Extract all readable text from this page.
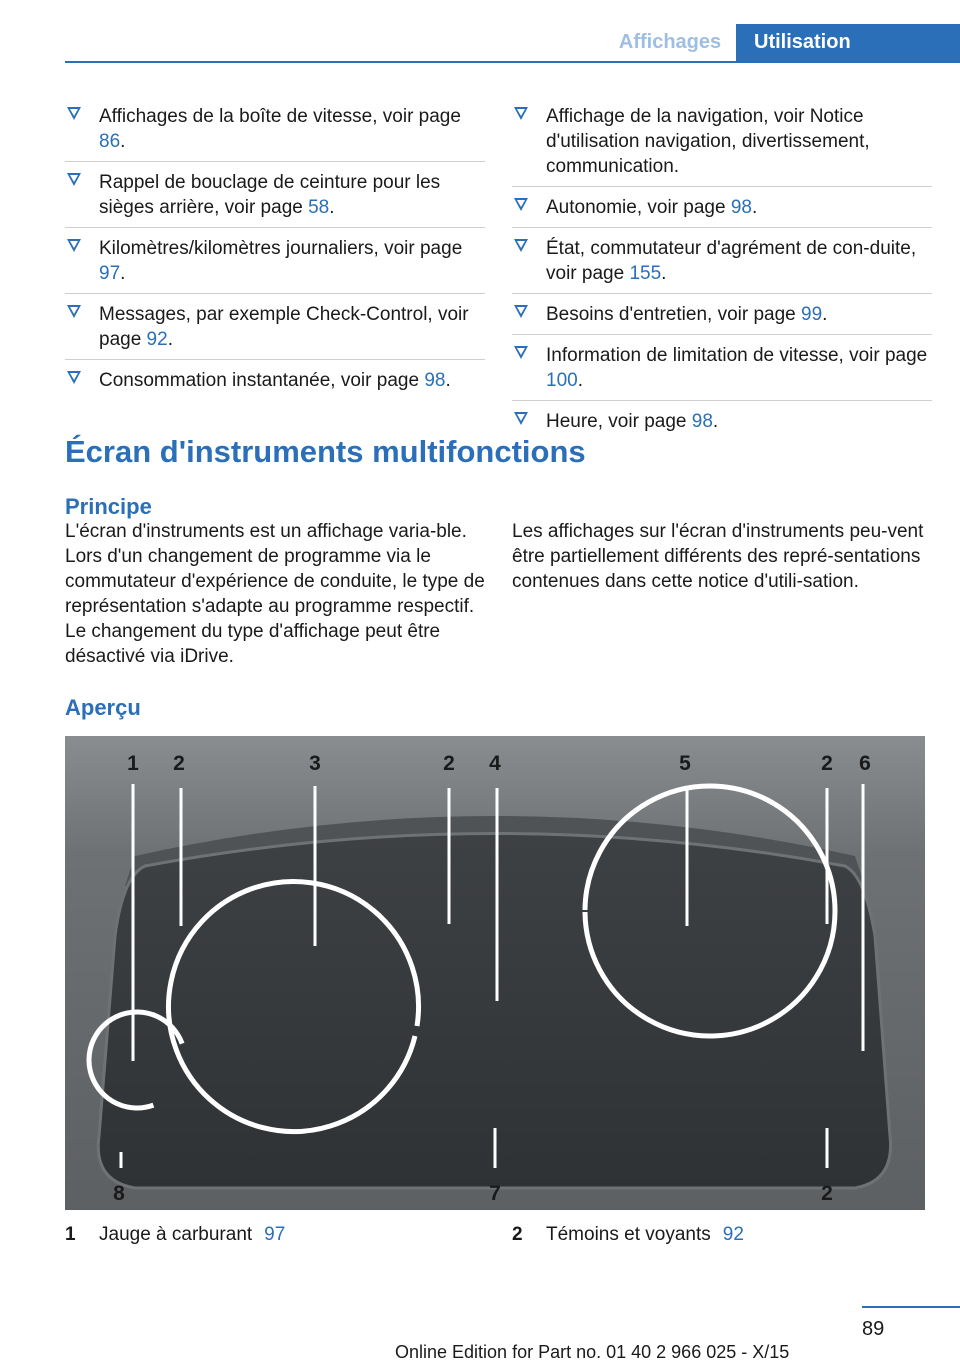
Affichages	Utilisation
Affichages de la boîte de vitesse, voir page 86.
Rappel de bouclage de ceinture pour les sièges arrière, voir page 58.
Kilomètres/kilomètres journaliers, voir page 97.
Messages, par exemple Check-Control, voir page 92.
Consommation instantanée, voir page 98.
Affichage de la navigation, voir Notice d'utilisation navigation, divertissement, communication.
Autonomie, voir page 98.
État, commutateur d'agrément de con‐duite, voir page 155.
Besoins d'entretien, voir page 99.
Information de limitation de vitesse, voir page 100.
Heure, voir page 98.
Écran d'instruments multifonctions
Principe
L'écran d'instruments est un affichage varia‐ble. Lors d'un changement de programme via le commutateur d'expérience de conduite, le type de représentation s'adapte au programme respectif. Le changement du type d'affichage peut être désactivé via iDrive.
Les affichages sur l'écran d'instruments peu‐vent être partiellement différents des repré‐sentations contenues dans cette notice d'utili‐sation.
Aperçu
1 2	3	2 4	5	2 6
8	7	2
1 Jauge à carburant 97	2 Témoins et voyants 92
89
Online Edition for Part no. 01 40 2 966 025 - X/15
